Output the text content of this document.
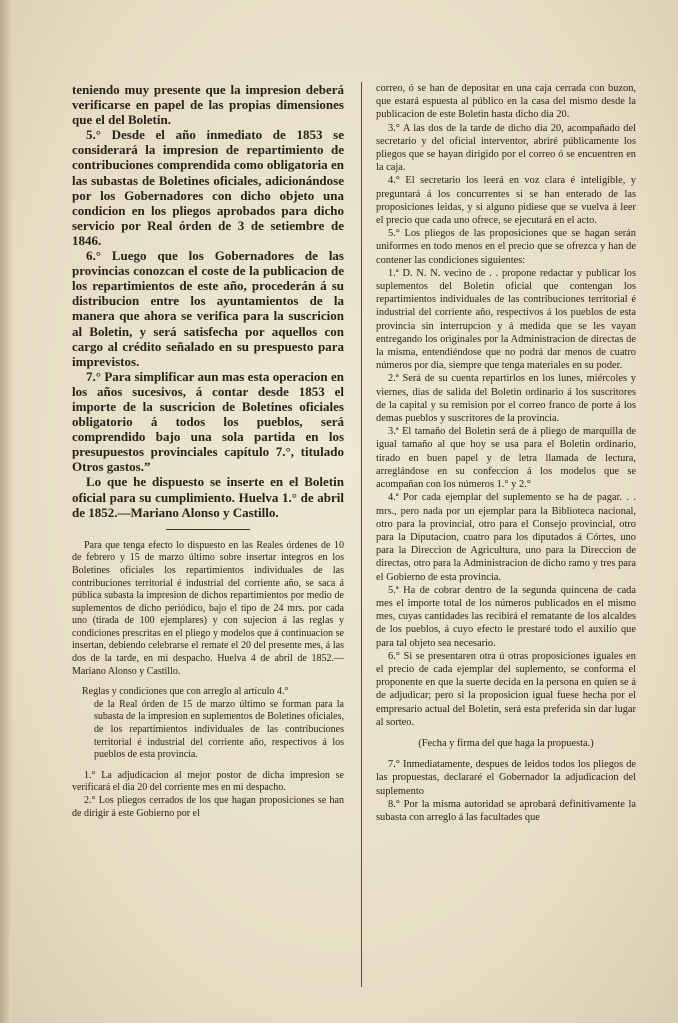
teniendo muy presente que la impresion deberá verificarse en papel de las propias dimensiones que el del Boletin.

5.° Desde el año inmediato de 1853 se considerará la impresion de repartimiento de contribuciones comprendida como obligatoria en las subastas de Boletines oficiales, adicionándose por los Gobernadores con dicho objeto una condicion en los pliegos aprobados para dicho servicio por Real órden de 3 de setiembre de 1846.

6.° Luego que los Gobernadores de las provincias conozcan el coste de la publicacion de los repartimientos de este año, procederán á su distribucion entre los ayuntamientos de la manera que ahora se verifica para la suscricion al Boletin, y será satisfecha por aquellos con cargo al crédito señalado en su prespuesto para imprevistos.

7.° Para simplificar aun mas esta operacion en los años sucesivos, á contar desde 1853 el importe de la suscricion de Boletines oficiales obligatorio á todos los pueblos, será comprendido bajo una sola partida en los presupuestos provinciales capítulo 7.°, titulado Otros gastos.”

Lo que he dispuesto se inserte en el Boletin oficial para su cumplimiento. Huelva 1.° de abril de 1852.—Mariano Alonso y Castillo.

Para que tenga efecto lo dispuesto en las Reales órdenes de 10 de febrero y 15 de marzo último sobre insertar íntegros en los Boletines oficiales los repartimientos individuales de las contribuciones territorial é industrial del corriente año, se saca á pública subasta la impresion de dichos repartimientos por medio de suplementos de dicho periódico, bajo el tipo de 24 mrs. por cada uno (tirada de 100 ejemplares) y con sujecion á las reglas y condiciones prescritas en el pliego y modelos que á continuacion se insertan, debiendo celebrarse el remate el 20 del presente mes, á las dos de la tarde, en mi despacho. Huelva 4 de abril de 1852.—Mariano Alonso y Castillo.

Reglas y condiciones que con arreglo al artículo 4.°
de la Real órden de 15 de marzo último se forman para la subasta de la impresion en suplementos de Boletines oficiales, de los repartimientos individuales de las contribuciones territorial é industrial del corriente año, respectivos á los pueblos de esta provincia.

1.° La adjudicacion al mejor postor de dicha impresion se verificará el dia 20 del corriente mes en mi despacho.

2.° Los pliegos cerrados de los que hagan proposiciones se han de dirigir á este Gobierno por el

correo, ó se han de depositar en una caja cerrada con buzon, que estará espuesta al público en la casa del mismo desde la publicacion de este Boletin hasta dicho dia 20.

3.° A las dos de la tarde de dicho dia 20, acompañado del secretario y del oficial interventor, abriré públicamente los pliegos que se hayan dirigido por el correo ó se encuentren en la caja.

4.° El secretario los leerá en voz clara é inteligible, y preguntará á los concurrentes si se han enterado de las proposiciones leidas, y si alguno pidiese que se vuelva á leer el precio que cada uno ofrece, se ejecutará en el acto.

5.° Los pliegos de las proposiciones que se hagan serán uniformes en todo menos en el precio que se ofrezca y han de contener las condiciones siguientes:

1.ª D. N. N. vecino de . . propone redactar y publicar los suplementos del Boletin oficial que contengan los repartimientos individuales de las contribuciones territorial é industrial del corriente año, respectivos á los pueblos de esta provincia sin interrupcion y á medida que se les vayan entregando los originales por la Administracion de directas de la misma, entendiéndose que no podrá dar menos de cuatro números por dia, siempre que tenga materiales en su poder.

2.ª Será de su cuenta repartirlos en los lunes, miércoles y viernes, dias de salida del Boletin ordinario á los suscritores de la capital y su remision por el correo franco de porte á los demas pueblos y suscritores de la provincia.

3.ª El tamaño del Boletin será de á pliego de marquilla de igual tamaño al que hoy se usa para el Boletin ordinario, tirado en buen papel y de letra llamada de lectura, arreglándose en su confeccion á los modelos que se acompañan con los números 1.° y 2.°

4.ª Por cada ejemplar del suplemento se ha de pagar. . . mrs., pero nada por un ejemplar para la Biblioteca nacional, otro para la provincial, otro para el Consejo provincial, otro para la Diputacion, cuatro para los diputados á Córtes, uno para la Direccion de Agricultura, uno para la Direccion de directas, otro para la Administracion de dicho ramo y tres para el Gobierno de esta provincia.

5.ª Ha de cobrar dentro de la segunda quincena de cada mes el importe total de los números publicados en el mismo mes, cuyas cantidades las recibirá el rematante de los alcaldes de los pueblos, á cuyo efecto le prestaré todo el auxilio que para tal objeto sea necesario.

6.° Si se presentaren otra ú otras proposiciones iguales en el precio de cada ejemplar del suplemento, se conforma el proponente en que la suerte decida en la persona en quien se á de adjudicar; pero si la proposicion igual fuese hecha por el empresario actual del Boletin, será esta preferida sin dar lugar al sorteo.

(Fecha y firma del que haga la propuesta.)

7.° Inmediatamente, despues de leidos todos los pliegos de las propuestas, declararé el Gobernador la adjudicacion del suplemento

8.° Por la misma autoridad se aprobará definitivamente la subasta con arreglo á las facultades que
